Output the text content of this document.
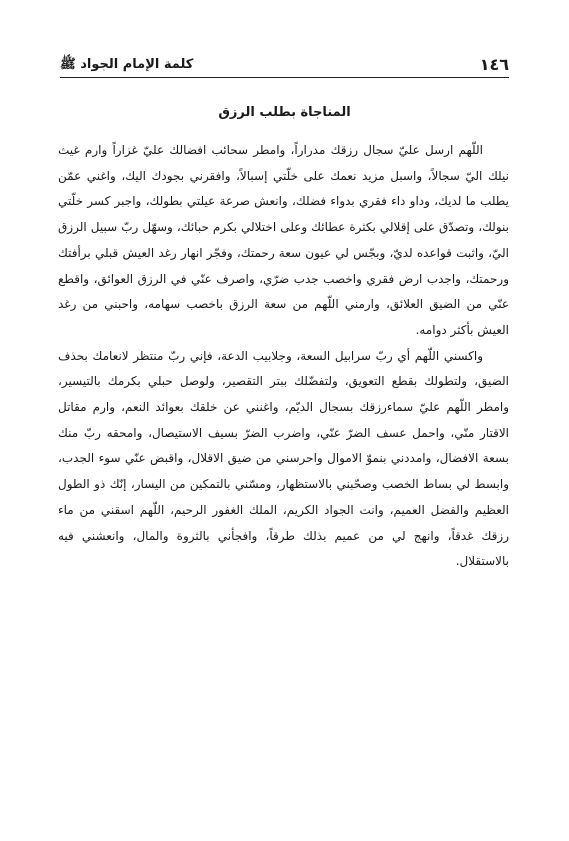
١٤٦
كلمة الإمام الجواد ﷺ
المناجاة بطلب الرزق

اللّهم ارسل عليّ سجال رزقك مدراراً، وامطر سحائب افضالك عليّ غزاراً وارم غيث نيلك اليّ سجالاً، واسبل مزيد نعمك على خلّتي إسبالاً، وافقرني بجودك اليك، واغني عمّن يطلب ما لديك، وداو داء فقري بدواء فضلك، وانعش صرعة عيلتي بطولك، واجبر كسر خلّتي بنولك، وتصدّق على إقلالي بكثرة عطائك وعلى اختلالي بكرم حبائك، وسهّل ربّ سبيل الرزق اليّ، واثبت قواعده لديّ، وبجّس لي عيون سعة رحمتك، وفجّر انهار رغد العيش قبلي برأفتك ورحمتك، واجدب ارض فقري واخصب جدب ضرّي، واصرف عنّي في الرزق العوائق، واقطع عنّي من الضيق العلائق، وارمني اللّهم من سعة الرزق باخصب سهامه، واحبني من رغد العيش بأكثر دوامه.

واكسني اللّهم أي ربّ سرابيل السعة، وجلابيب الدعة، فإني ربّ منتظر لانعامك بحذف الضيق، ولتطولك بقطع التعويق، ولتفضّلك ببتر التقصير، ولوصل حبلي بكرمك بالتيسير، وامطر اللّهم عليّ سماءرزقك بسجال الديّم، واغنني عن خلقك بعوائد النعم، وارم مقاتل الاقتار منّي، واحمل عسف الضرّ عنّي، واضرب الضرّ بسيف الاستيصال، وامحقه ربّ منك بسعة الافضال، وامددني بنموّ الاموال واحرسني من ضيق الاقلال، واقبض عنّي سوء الجدب، وابسط لي بساط الخصب وصحّبني بالاستظهار، ومسّني بالتمكين من اليسار، إنّك ذو الطول العظيم والفضل العميم، وانت الجواد الكريم، الملك الغفور الرحيم، اللّهم اسقني من ماء رزقك غدقاً، وانهج لي من عميم بذلك طرقاً، وافجأني بالثروة والمال، وانعشني فيه بالاستقلال.
